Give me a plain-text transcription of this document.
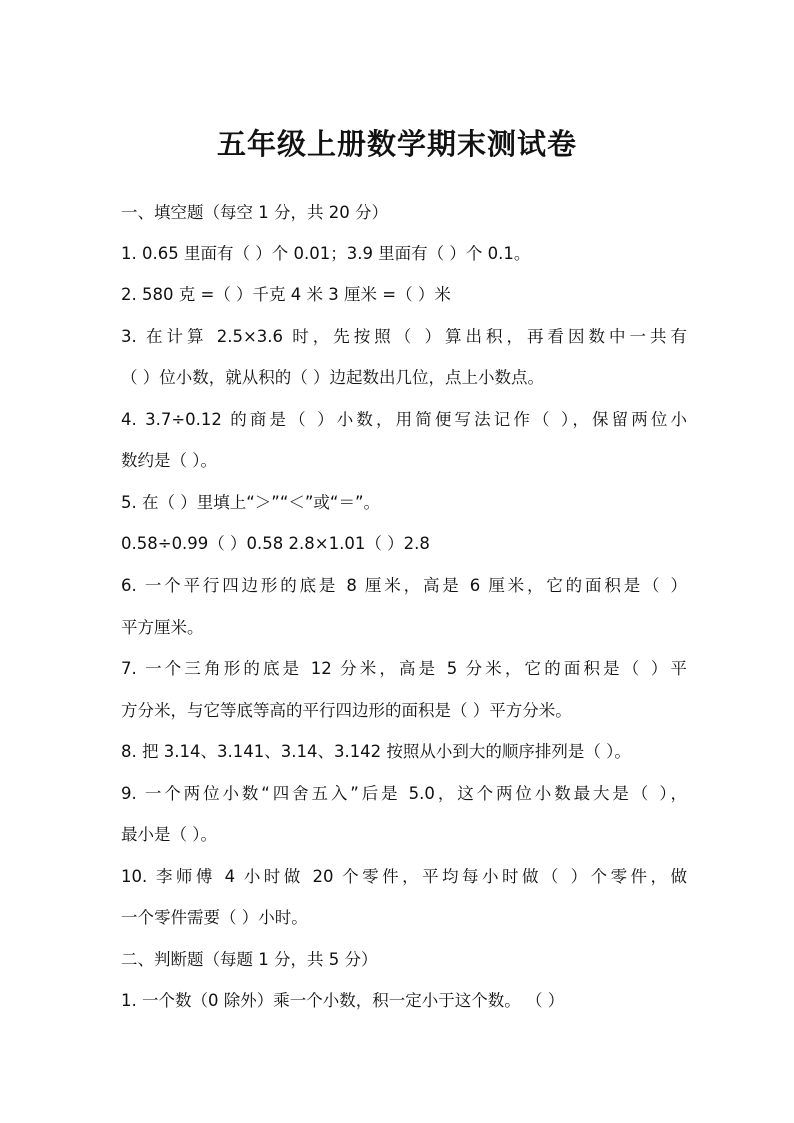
五年级上册数学期末测试卷
一、填空题（每空 1 分，共 20 分）
1. 0.65 里面有（ ）个 0.01；3.9 里面有（ ）个 0.1。
2. 580 克 =（ ）千克 4 米 3 厘米 =（ ）米
3. 在计算 2.5×3.6 时，先按照（ ）算出积，再看因数中一共有
（ ）位小数，就从积的（ ）边起数出几位，点上小数点。
4. 3.7÷0.12 的商是（ ）小数，用简便写法记作（ ），保留两位小
数约是（ ）。
5. 在（ ）里填上“＞”“＜”或“＝”。
0.58÷0.99（ ）0.58 2.8×1.01（ ）2.8
6. 一个平行四边形的底是 8 厘米，高是 6 厘米，它的面积是（ ）
平方厘米。
7. 一个三角形的底是 12 分米，高是 5 分米，它的面积是（ ）平
方分米，与它等底等高的平行四边形的面积是（ ）平方分米。
8. 把 3.14、3.141、3.14、3.142 按照从小到大的顺序排列是（ ）。
9. 一个两位小数“四舍五入”后是 5.0，这个两位小数最大是（ ），
最小是（ ）。
10. 李师傅 4 小时做 20 个零件，平均每小时做（ ）个零件，做
一个零件需要（ ）小时。
二、判断题（每题 1 分，共 5 分）
1. 一个数（0 除外）乘一个小数，积一定小于这个数。 （ ）
